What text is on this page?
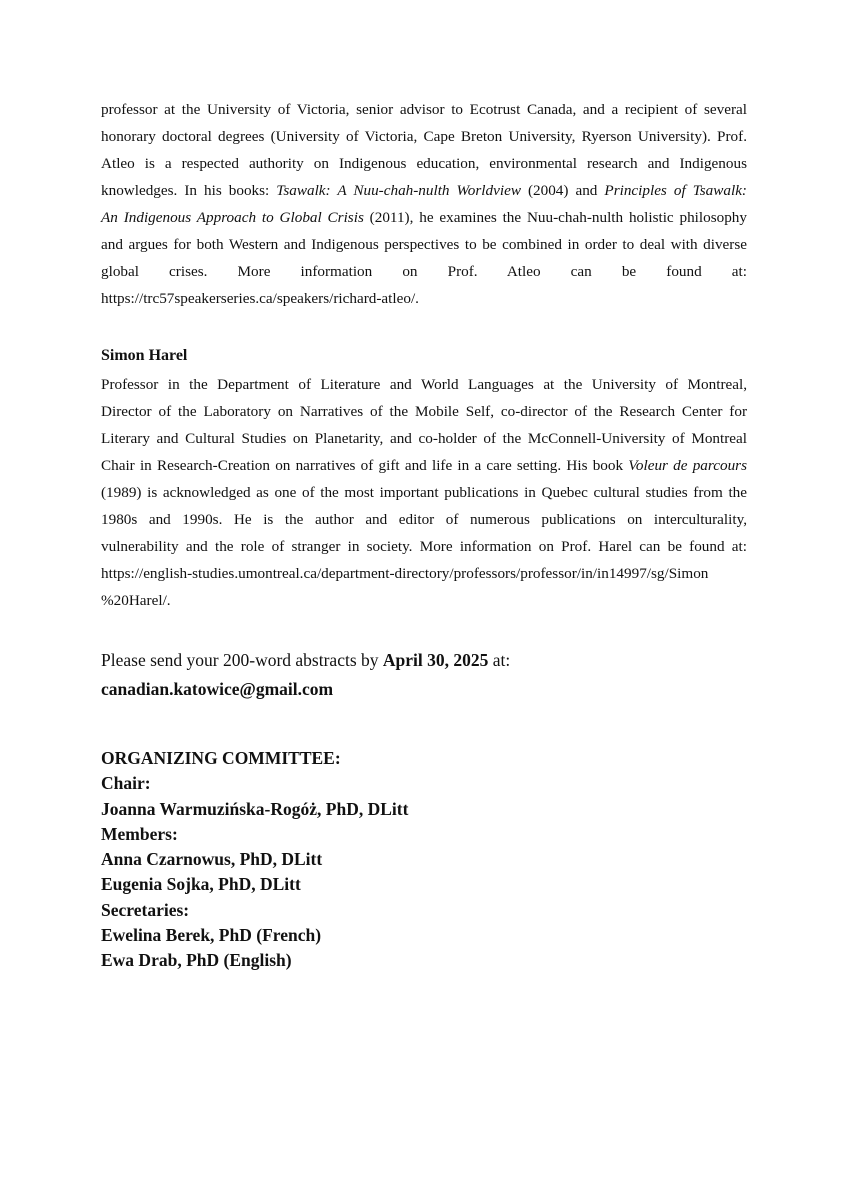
professor at the University of Victoria, senior advisor to Ecotrust Canada, and a recipient of several
honorary doctoral degrees (University of Victoria, Cape Breton University, Ryerson University). Prof.
Atleo is a respected authority on Indigenous education, environmental research and Indigenous
knowledges. In his books: Tsawalk: A Nuu-chah-nulth Worldview (2004) and Principles of Tsawalk:
An Indigenous Approach to Global Crisis (2011), he examines the Nuu-chah-nulth holistic philosophy
and argues for both Western and Indigenous perspectives to be combined in order to deal with diverse
global crises. More information on Prof. Atleo can be found at:
https://trc57speakerseries.ca/speakers/richard-atleo/.
Simon Harel
Professor in the Department of Literature and World Languages at the University of Montreal,
Director of the Laboratory on Narratives of the Mobile Self, co-director of the Research Center for
Literary and Cultural Studies on Planetarity, and co-holder of the McConnell-University of Montreal
Chair in Research-Creation on narratives of gift and life in a care setting. His book Voleur de parcours
(1989) is acknowledged as one of the most important publications in Quebec cultural studies from the
1980s and 1990s. He is the author and editor of numerous publications on interculturality,
vulnerability and the role of stranger in society. More information on Prof. Harel can be found at:
https://english-studies.umontreal.ca/department-directory/professors/professor/in/in14997/sg/Simon
%20Harel/.
Please send your 200-word abstracts by April 30, 2025 at:
canadian.katowice@gmail.com
ORGANIZING COMMITTEE:
Chair:
Joanna Warmuzińska-Rogóż, PhD, DLitt
Members:
Anna Czarnowus, PhD, DLitt
Eugenia Sojka, PhD, DLitt
Secretaries:
Ewelina Berek, PhD (French)
Ewa Drab, PhD (English)
